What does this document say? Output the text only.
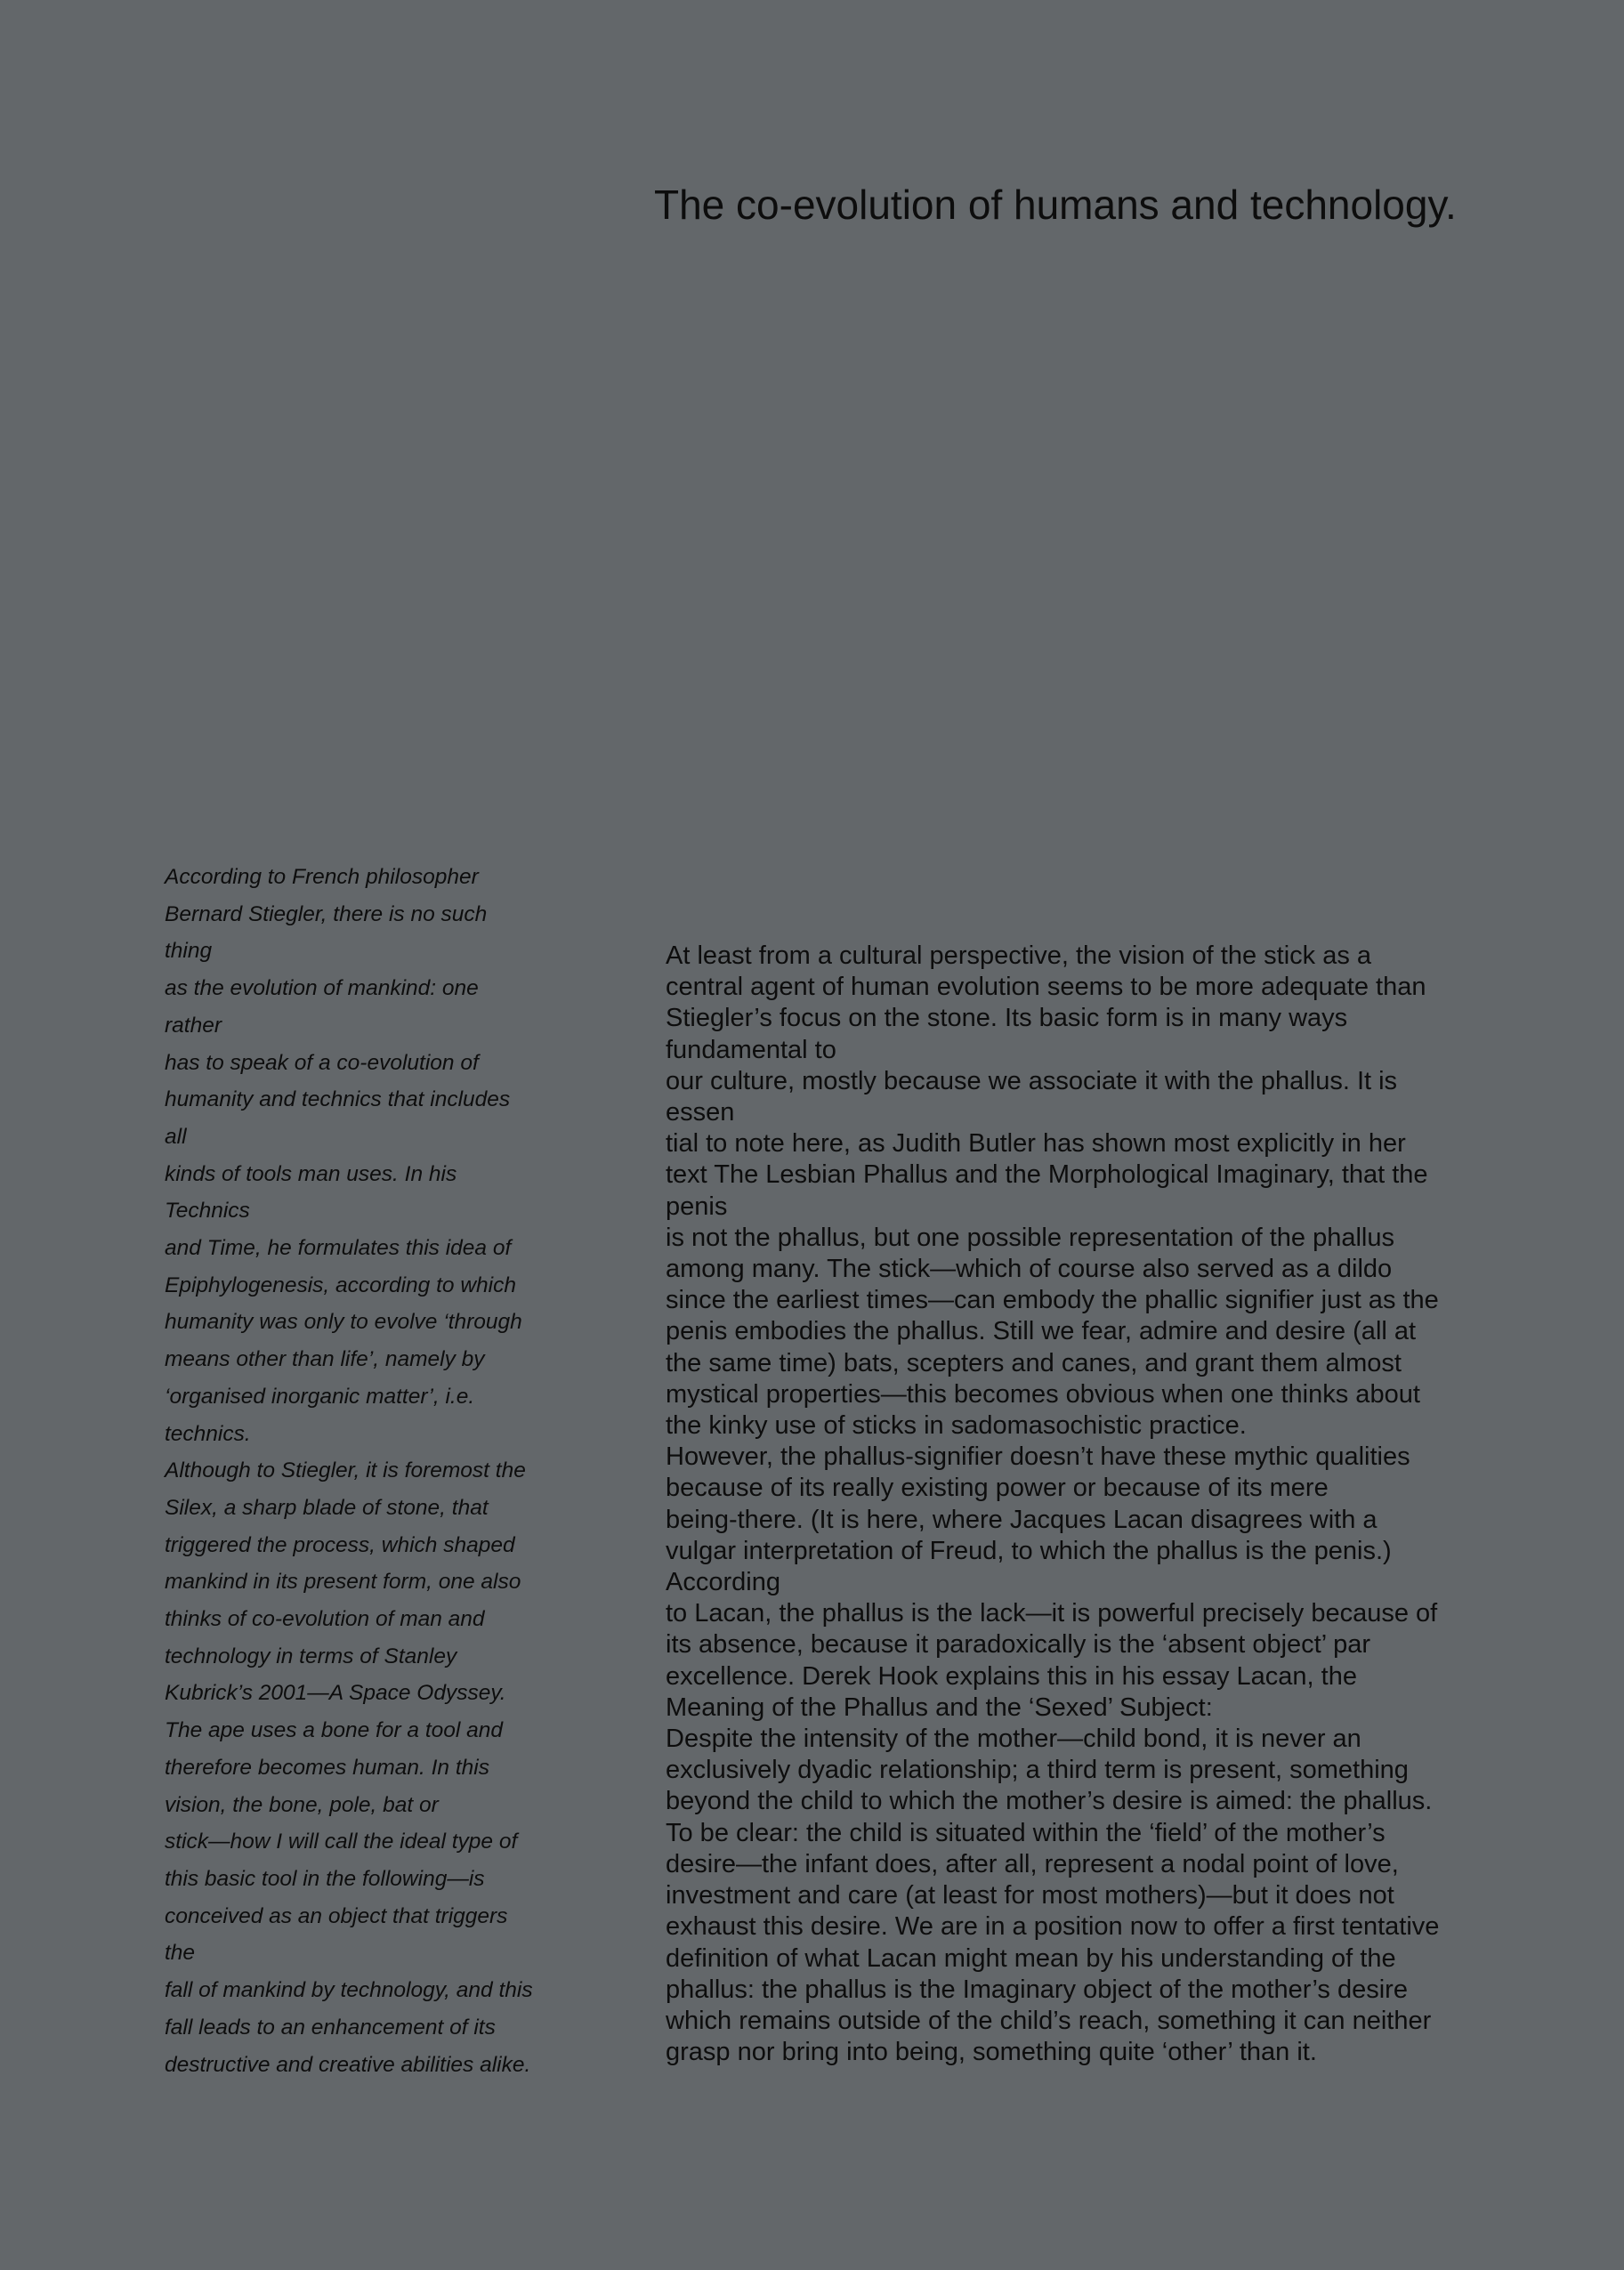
The co-evolution of humans and technology.
According to French philosopher
Bernard Stiegler, there is no such
thing
as the evolution of mankind: one
rather
has to speak of a co-evolution of
humanity and technics that includes
all
kinds of tools man uses. In his
Technics
and Time, he formulates this idea of
Epiphylogenesis, according to which
humanity was only to evolve ‘through
means other than life’, namely by
‘organised inorganic matter’, i.e.
technics.
Although to Stiegler, it is foremost the
Silex, a sharp blade of stone, that
triggered the process, which shaped
mankind in its present form, one also
thinks of co-evolution of man and
technology in terms of Stanley
Kubrick’s 2001—A Space Odyssey.
The ape uses a bone for a tool and
therefore becomes human. In this
vision, the bone, pole, bat or
stick—how I will call the ideal type of
this basic tool in the following—is
conceived as an object that triggers
the
fall of mankind by technology, and this
fall leads to an enhancement of its
destructive and creative abilities alike.
At least from a cultural perspective, the vision of the stick as a
central agent of human evolution seems to be more adequate than
Stiegler’s focus on the stone. Its basic form is in many ways
fundamental to
our culture, mostly because we associate it with the phallus. It is
essen
tial to note here, as Judith Butler has shown most explicitly in her
text The Lesbian Phallus and the Morphological Imaginary, that the
penis
is not the phallus, but one possible representation of the phallus
among many. The stick—which of course also served as a dildo
since the earliest times—can embody the phallic signifier just as the
penis embodies the phallus. Still we fear, admire and desire (all at
the same time) bats, scepters and canes, and grant them almost
mystical properties—this becomes obvious when one thinks about
the kinky use of sticks in sadomasochistic practice.
However, the phallus-signifier doesn’t have these mythic qualities
because of its really existing power or because of its mere
being-there. (It is here, where Jacques Lacan disagrees with a
vulgar interpretation of Freud, to which the phallus is the penis.)
According
to Lacan, the phallus is the lack—it is powerful precisely because of
its absence, because it paradoxically is the ‘absent object’ par
excellence. Derek Hook explains this in his essay Lacan, the
Meaning of the Phallus and the ‘Sexed’ Subject:
Despite the intensity of the mother—child bond, it is never an
exclusively dyadic relationship; a third term is present, something
beyond the child to which the mother’s desire is aimed: the phallus.
To be clear: the child is situated within the ‘field’ of the mother’s
desire—the infant does, after all, represent a nodal point of love,
investment and care (at least for most mothers)—but it does not
exhaust this desire. We are in a position now to offer a first tentative
definition of what Lacan might mean by his understanding of the
phallus: the phallus is the Imaginary object of the mother’s desire
which remains outside of the child’s reach, something it can neither
grasp nor bring into being, something quite ‘other’ than it.
